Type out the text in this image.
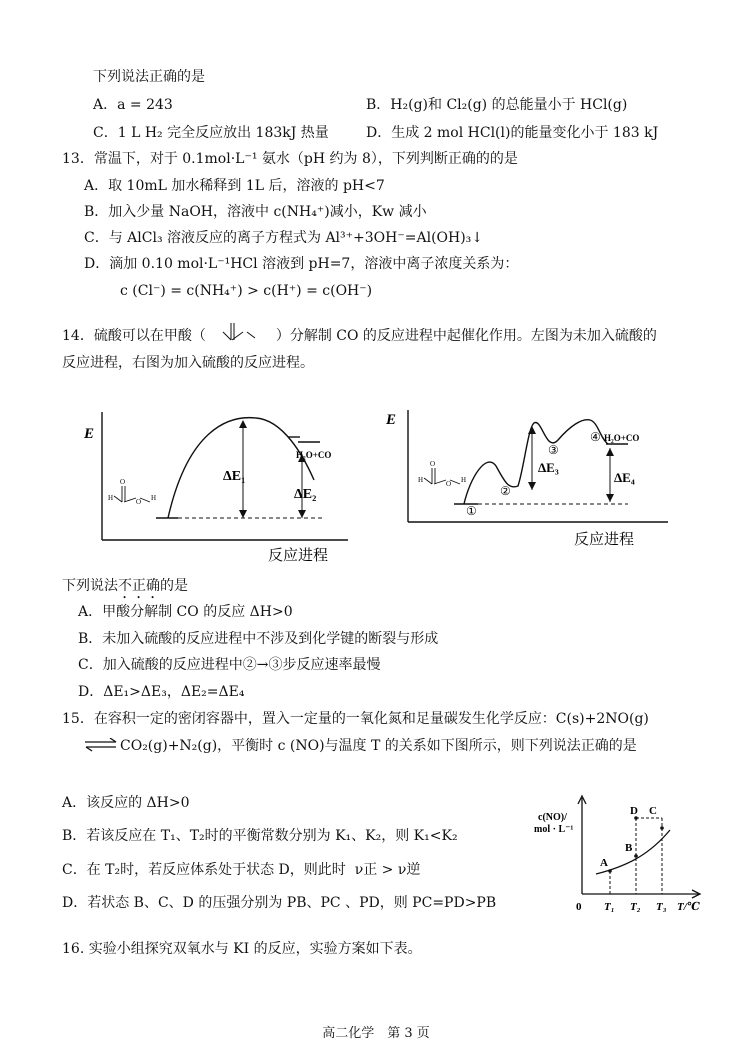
下列说法正确的是
A．a = 243	B．H₂(g)和 Cl₂(g) 的总能量小于 HCl(g)
C．1 L H₂ 完全反应放出 183kJ 热量	D．生成 2 mol HCl(l)的能量变化小于 183 kJ
13．常温下，对于 0.1mol·L⁻¹ 氨水（pH 约为 8），下列判断正确的的是
A．取 10mL 加水稀释到 1L 后，溶液的 pH<7
B．加入少量 NaOH，溶液中 c(NH₄⁺)减小，Kw 减小
C．与 AlCl₃ 溶液反应的离子方程式为 Al³⁺+3OH⁻=Al(OH)₃↓
D．滴加 0.10 mol·L⁻¹HCl 溶液到 pH=7，溶液中离子浓度关系为：
c (Cl⁻) = c(NH₄⁺) > c(H⁺) = c(OH⁻)
14．硫酸可以在甲酸（	）分解制 CO 的反应进程中起催化作用。左图为未加入硫酸的
反应进程，右图为加入硫酸的反应进程。
E
ΔE₁
ΔE₂
H₂O+CO
O
H	O H
反应进程
E
ΔE₃
ΔE₄
H₂O+CO
①
②
③
④
O
H	O H
反应进程
下列说法不正确的是
A．甲酸分解制 CO 的反应 ΔH>0
B．未加入硫酸的反应进程中不涉及到化学键的断裂与形成
C．加入硫酸的反应进程中②→③步反应速率最慢
D．ΔE₁>ΔE₃，ΔE₂=ΔE₄
15．在容积一定的密闭容器中，置入一定量的一氧化氮和足量碳发生化学反应：C(s)+2NO(g)
⇌ CO₂(g)+N₂(g)，平衡时 c (NO)与温度 T 的关系如下图所示，则下列说法正确的是
A．该反应的 ΔH>0
B．若该反应在 T₁、T₂时的平衡常数分别为 K₁、K₂，则 K₁<K₂
C．在 T₂时，若反应体系处于状态 D，则此时 ν正 > ν逆
D．若状态 B、C、D 的压强分别为 PB、PC 、PD，则 PC=PD>PB
c(NO)/
mol · L⁻¹
0 T₁ T₂ T₃ T/℃
A
B
C
D
16. 实验小组探究双氧水与 KI 的反应，实验方案如下表。
高二化学　第 3 页
